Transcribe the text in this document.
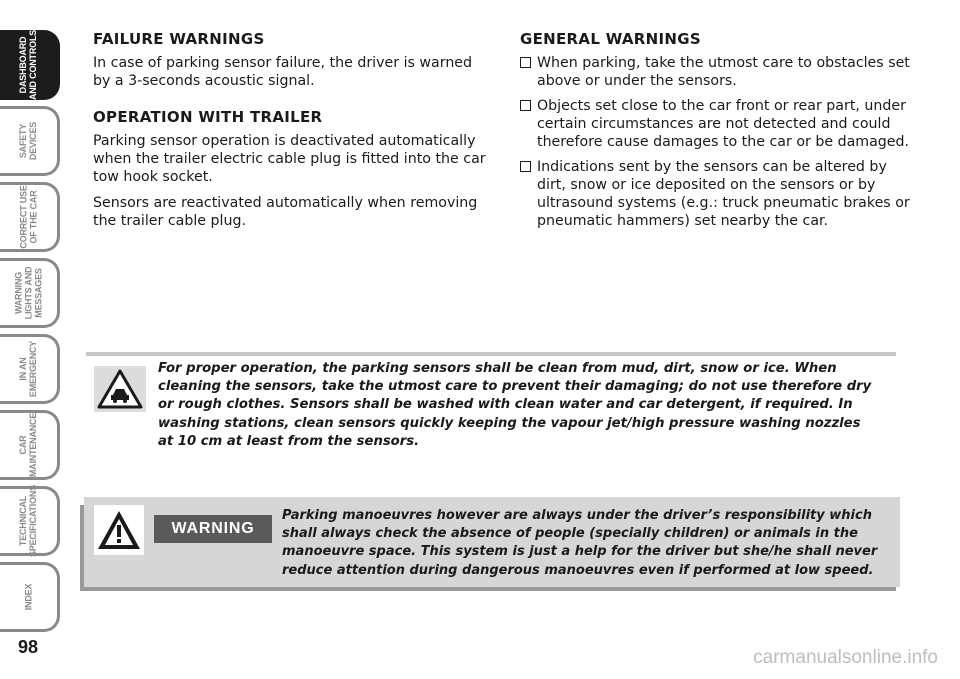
DASHBOARD
AND CONTROLS
SAFETY
DEVICES
CORRECT USE
OF THE CAR
WARNING
LIGHTS AND
MESSAGES
IN AN
EMERGENCY
CAR
MAINTENANCE
TECHNICAL
SPECIFICATIONS
INDEX
98
FAILURE WARNINGS

In case of parking sensor failure, the driver is warned by a 3-seconds acoustic signal.

OPERATION WITH TRAILER

Parking sensor operation is deactivated automatically when the trailer electric cable plug is fitted into the car tow hook socket.

Sensors are reactivated automatically when removing the trailer cable plug.

GENERAL WARNINGS
When parking, take the utmost care to obstacles set above or under the sensors.
Objects set close to the car front or rear part, under certain circumstances are not detected and could therefore cause damages to the car or be damaged.
Indications sent by the sensors can be altered by dirt, snow or ice deposited on the sensors or by ultrasound systems (e.g.: truck pneumatic brakes or pneumatic hammers) set nearby the car.
For proper operation, the parking sensors shall be clean from mud, dirt, snow or ice. When cleaning the sensors, take the utmost care to prevent their damaging; do not use therefore dry or rough clothes. Sensors shall be washed with clean water and car detergent, if required. In washing stations, clean sensors quickly keeping the vapour jet/high pressure washing nozzles at 10 cm at least from the sensors.
WARNING
Parking manoeuvres however are always under the driver’s responsibility which shall always check the absence of people (specially children) or animals in the manoeuvre space. This system is just a help for the driver but she/he shall never reduce attention during dangerous manoeuvres even if performed at low speed.
carmanualsonline.info
